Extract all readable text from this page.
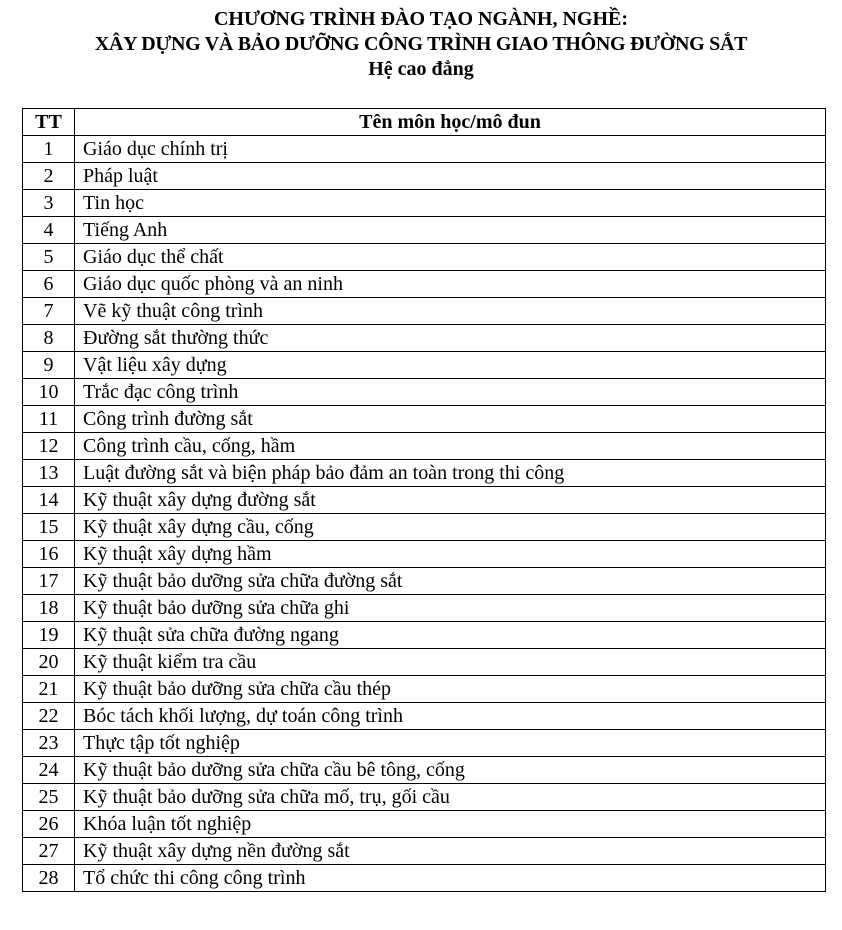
CHƯƠNG TRÌNH ĐÀO TẠO NGÀNH, NGHỀ:
XÂY DỰNG VÀ BẢO DƯỠNG CÔNG TRÌNH GIAO THÔNG ĐƯỜNG SẮT
Hệ cao đẳng
TT	Tên môn học/mô đun
1	Giáo dục chính trị
2	Pháp luật
3	Tin học
4	Tiếng Anh
5	Giáo dục thể chất
6	Giáo dục quốc phòng và an ninh
7	Vẽ kỹ thuật công trình
8	Đường sắt thường thức
9	Vật liệu xây dựng
10	Trắc đạc công trình
11	Công trình đường sắt
12	Công trình cầu, cống, hầm
13	Luật đường sắt và biện pháp bảo đảm an toàn trong thi công
14	Kỹ thuật xây dựng đường sắt
15	Kỹ thuật xây dựng cầu, cống
16	Kỹ thuật xây dựng hầm
17	Kỹ thuật bảo dưỡng sửa chữa đường sắt
18	Kỹ thuật bảo dưỡng sửa chữa ghi
19	Kỹ thuật sửa chữa đường ngang
20	Kỹ thuật kiểm tra cầu
21	Kỹ thuật bảo dưỡng sửa chữa cầu thép
22	Bóc tách khối lượng, dự toán công trình
23	Thực tập tốt nghiệp
24	Kỹ thuật bảo dưỡng sửa chữa cầu bê tông, cống
25	Kỹ thuật bảo dưỡng sửa chữa mố, trụ, gối cầu
26	Khóa luận tốt nghiệp
27	Kỹ thuật xây dựng nền đường sắt
28	Tổ chức thi công công trình
